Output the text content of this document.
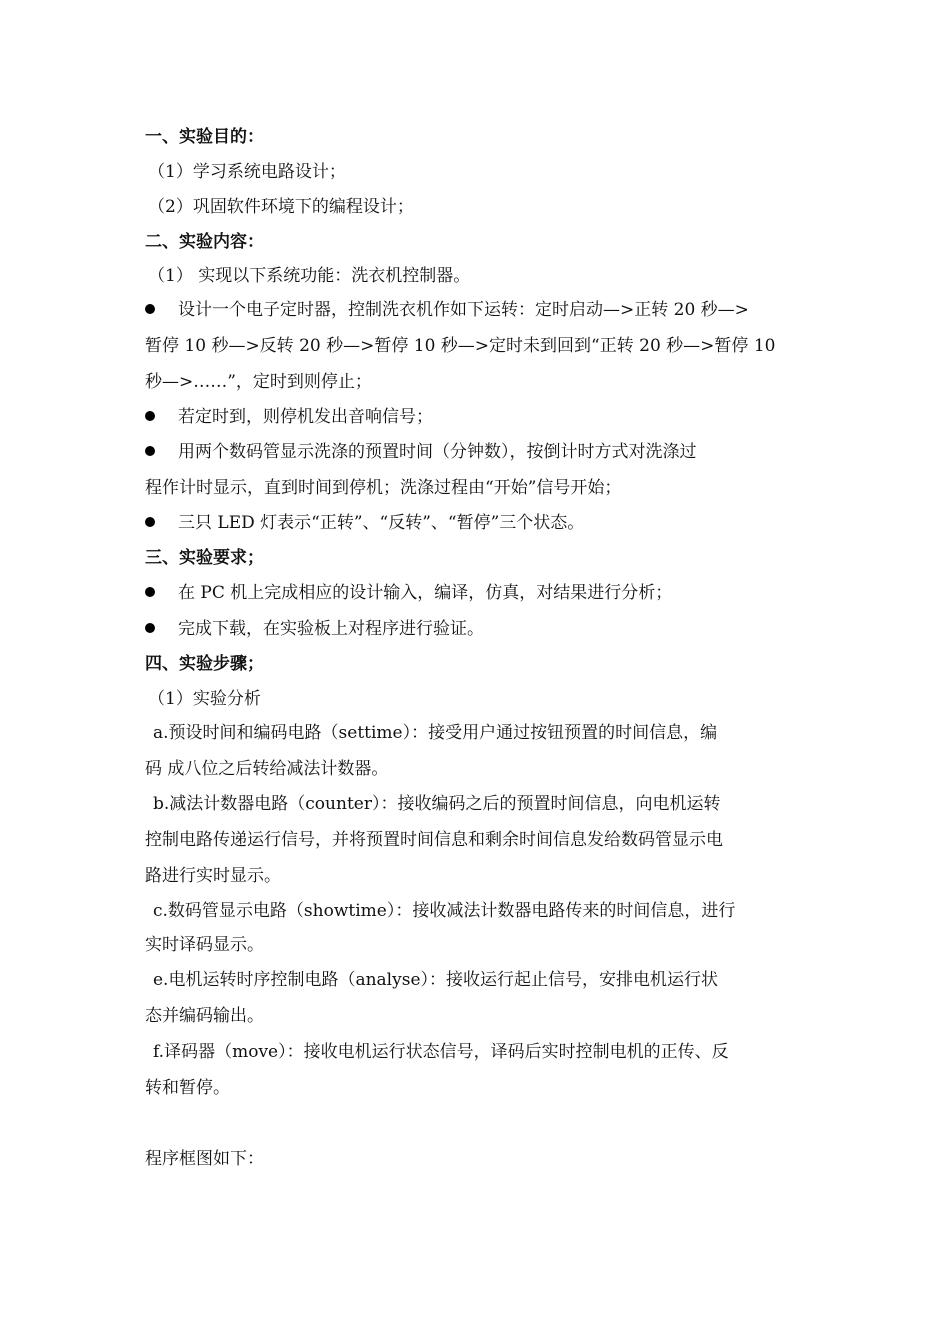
一、实验目的：
（1）学习系统电路设计；
（2）巩固软件环境下的编程设计；
二、实验内容：
（1） 实现以下系统功能：洗衣机控制器。
设计一个电子定时器，控制洗衣机作如下运转：定时启动—>正转 20 秒—>
暂停 10 秒—>反转 20 秒—>暂停 10 秒—>定时未到回到“正转 20 秒—>暂停 10
秒—>……”，定时到则停止；
若定时到，则停机发出音响信号；
用两个数码管显示洗涤的预置时间（分钟数），按倒计时方式对洗涤过
程作计时显示，直到时间到停机；洗涤过程由“开始”信号开始；
三只 LED 灯表示“正转”、“反转”、“暂停”三个状态。
三、实验要求；
在 PC 机上完成相应的设计输入，编译，仿真，对结果进行分析；
完成下载，在实验板上对程序进行验证。
四、实验步骤；
（1）实验分析
a.预设时间和编码电路（settime）：接受用户通过按钮预置的时间信息，编
码 成八位之后转给减法计数器。
b.减法计数器电路（counter）：接收编码之后的预置时间信息，向电机运转
控制电路传递运行信号，并将预置时间信息和剩余时间信息发给数码管显示电
路进行实时显示。
c.数码管显示电路（showtime）：接收减法计数器电路传来的时间信息，进行
实时译码显示。
e.电机运转时序控制电路（analyse）：接收运行起止信号，安排电机运行状
态并编码输出。
f.译码器（move）：接收电机运行状态信号，译码后实时控制电机的正传、反
转和暂停。
程序框图如下：
